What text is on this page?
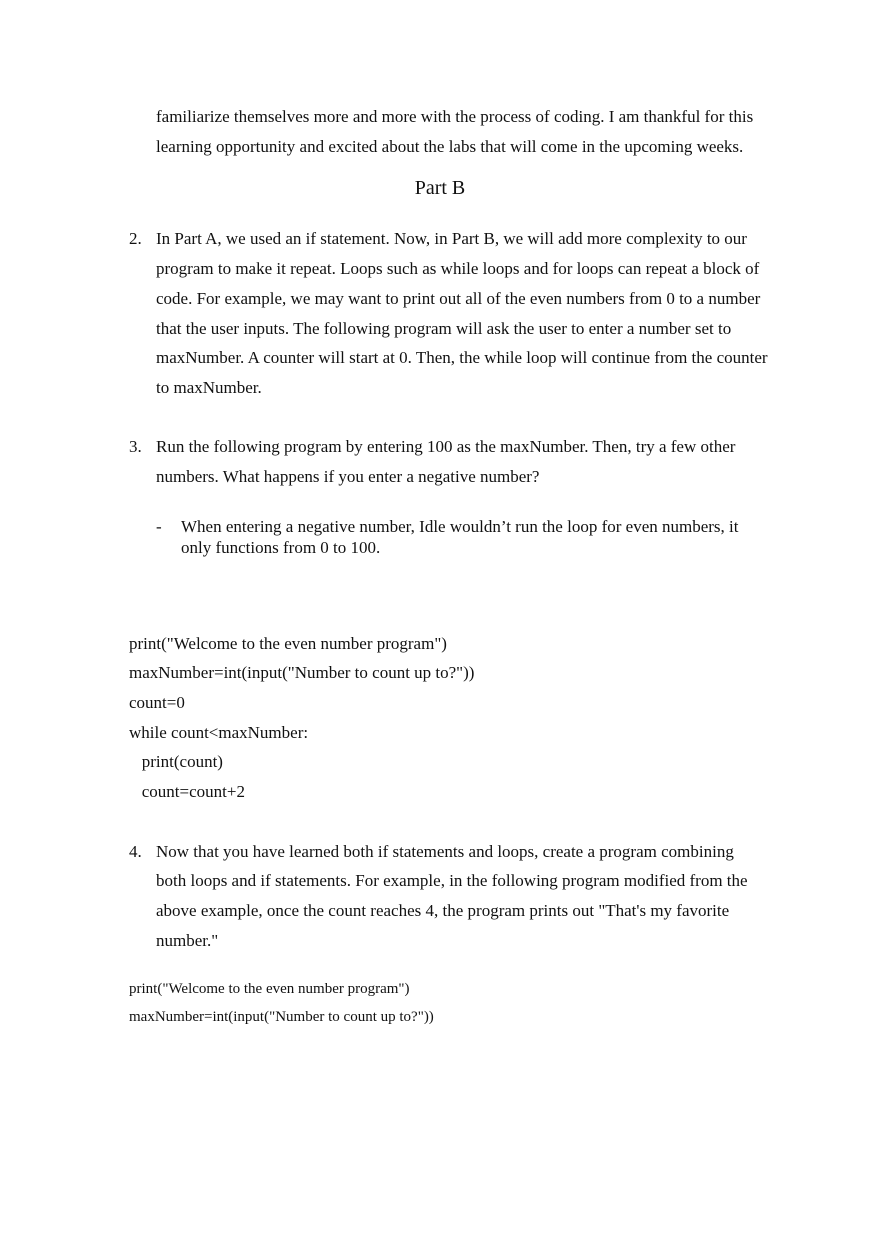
familiarize themselves more and more with the process of coding. I am thankful for this
learning opportunity and excited about the labs that will come in the upcoming weeks.
Part B
2. In Part A, we used an if statement. Now, in Part B, we will add more complexity to our
program to make it repeat. Loops such as while loops and for loops can repeat a block of
code. For example, we may want to print out all of the even numbers from 0 to a number
that the user inputs. The following program will ask the user to enter a number set to
maxNumber. A counter will start at 0. Then, the while loop will continue from the counter
to maxNumber.
3. Run the following program by entering 100 as the maxNumber. Then, try a few other
numbers. What happens if you enter a negative number?
- When entering a negative number, Idle wouldn’t run the loop for even numbers, it
only functions from 0 to 100.
print("Welcome to the even number program")
maxNumber=int(input("Number to count up to?"))
count=0
while count<maxNumber:
print(count)
count=count+2
4. Now that you have learned both if statements and loops, create a program combining
both loops and if statements. For example, in the following program modified from the
above example, once the count reaches 4, the program prints out "That's my favorite
number."
print("Welcome to the even number program")
maxNumber=int(input("Number to count up to?"))
